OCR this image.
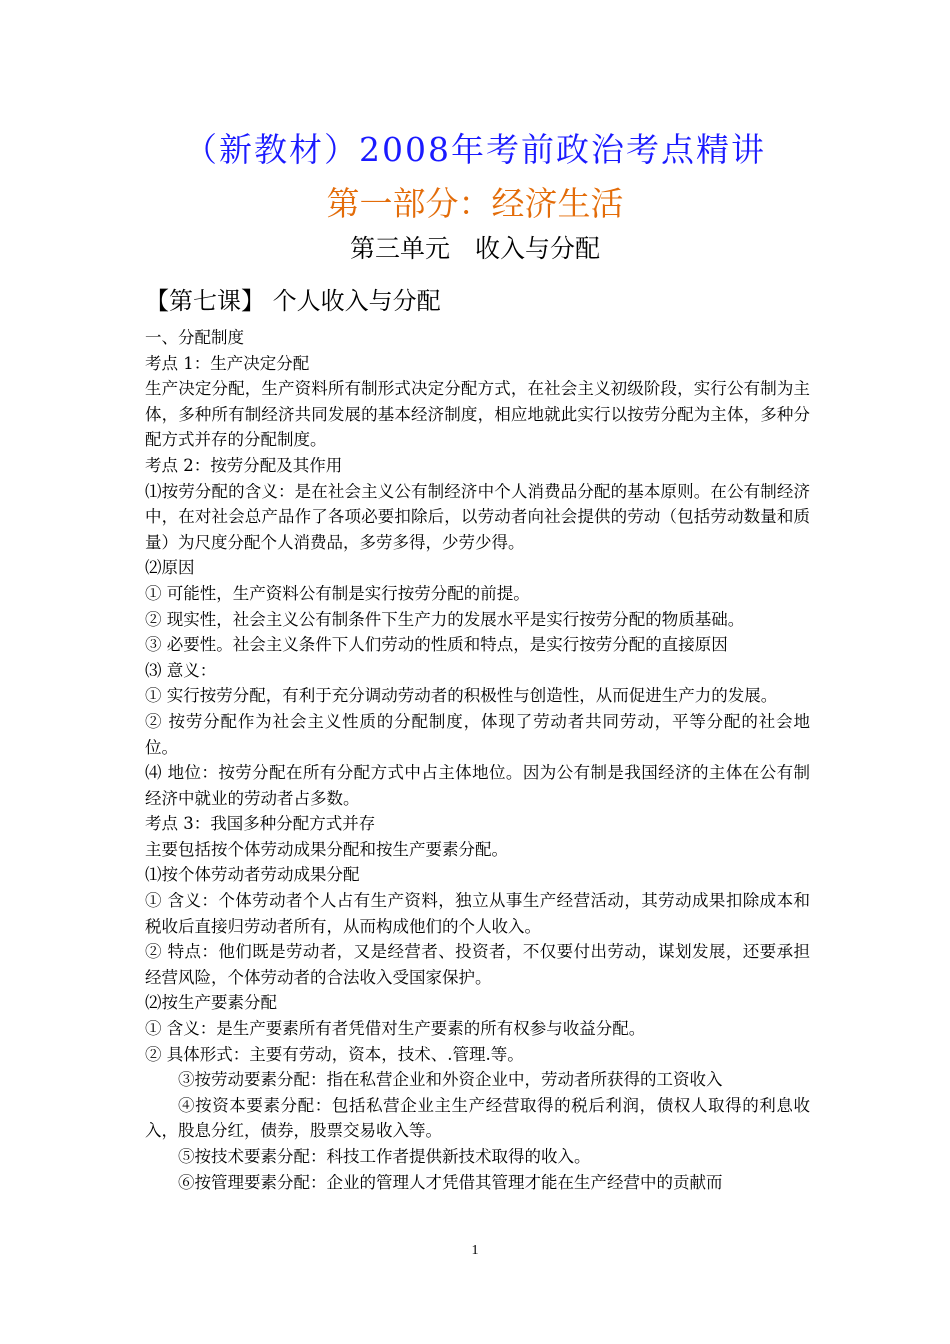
（新教材）2008年考前政治考点精讲
第一部分：经济生活
第三单元　收入与分配
【第七课】 个人收入与分配

一、分配制度

考点 1：生产决定分配

生产决定分配，生产资料所有制形式决定分配方式，在社会主义初级阶段，实行公有制为主体，多种所有制经济共同发展的基本经济制度，相应地就此实行以按劳分配为主体，多种分配方式并存的分配制度。

考点 2：按劳分配及其作用

⑴按劳分配的含义：是在社会主义公有制经济中个人消费品分配的基本原则。在公有制经济中，在对社会总产品作了各项必要扣除后，以劳动者向社会提供的劳动（包括劳动数量和质量）为尺度分配个人消费品，多劳多得，少劳少得。

⑵原因

① 可能性，生产资料公有制是实行按劳分配的前提。

② 现实性，社会主义公有制条件下生产力的发展水平是实行按劳分配的物质基础。

③ 必要性。社会主义条件下人们劳动的性质和特点，是实行按劳分配的直接原因

⑶ 意义：

① 实行按劳分配，有利于充分调动劳动者的积极性与创造性，从而促进生产力的发展。

② 按劳分配作为社会主义性质的分配制度，体现了劳动者共同劳动，平等分配的社会地位。

⑷ 地位：按劳分配在所有分配方式中占主体地位。因为公有制是我国经济的主体在公有制经济中就业的劳动者占多数。

考点 3：我国多种分配方式并存

主要包括按个体劳动成果分配和按生产要素分配。

⑴按个体劳动者劳动成果分配

① 含义：个体劳动者个人占有生产资料，独立从事生产经营活动，其劳动成果扣除成本和税收后直接归劳动者所有，从而构成他们的个人收入。

② 特点：他们既是劳动者，又是经营者、投资者，不仅要付出劳动，谋划发展，还要承担经营风险，个体劳动者的合法收入受国家保护。

⑵按生产要素分配

① 含义：是生产要素所有者凭借对生产要素的所有权参与收益分配。

② 具体形式：主要有劳动，资本，技术、.管理.等。

③按劳动要素分配：指在私营企业和外资企业中，劳动者所获得的工资收入

④按资本要素分配：包括私营企业主生产经营取得的税后利润，债权人取得的利息收入，股息分红，债券，股票交易收入等。

⑤按技术要素分配：科技工作者提供新技术取得的收入。

⑥按管理要素分配：企业的管理人才凭借其管理才能在生产经营中的贡献而

1
